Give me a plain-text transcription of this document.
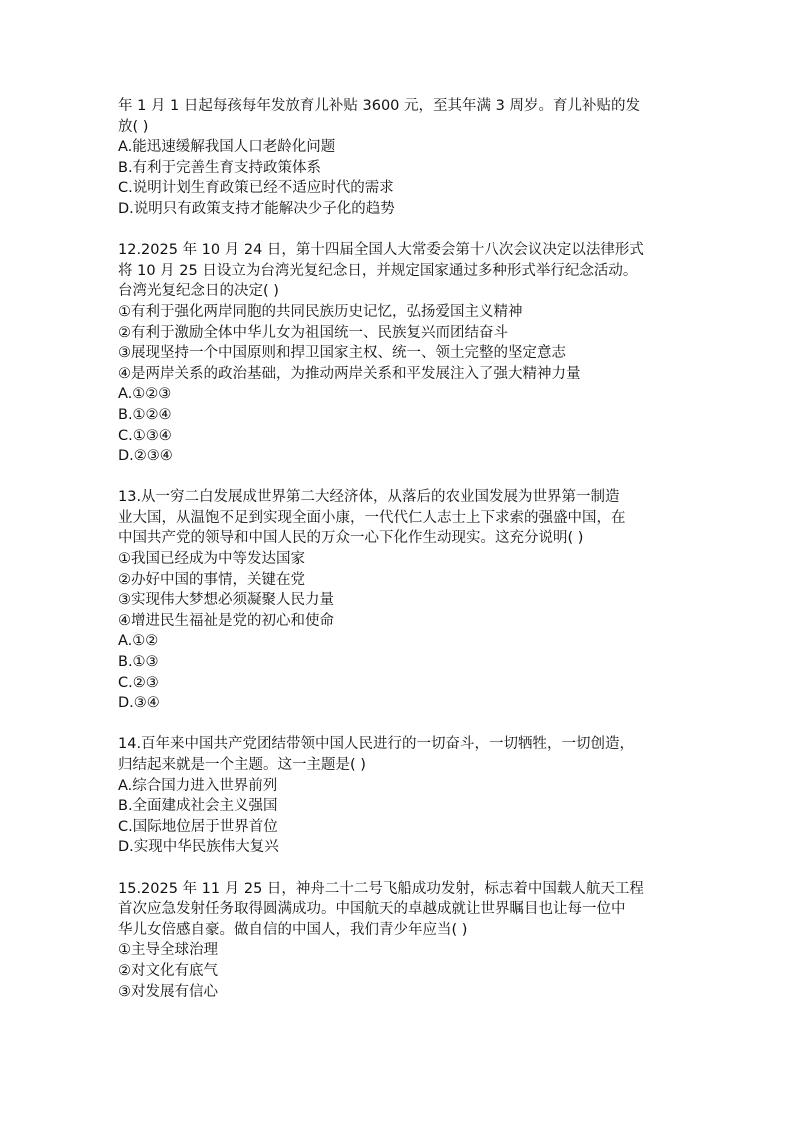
年 1 月 1 日起每孩每年发放育儿补贴 3600 元，至其年满 3 周岁。育儿补贴的发
放( )
A.能迅速缓解我国人口老龄化问题
B.有利于完善生育支持政策体系
C.说明计划生育政策已经不适应时代的需求
D.说明只有政策支持才能解决少子化的趋势
12.2025 年 10 月 24 日，第十四届全国人大常委会第十八次会议决定以法律形式
将 10 月 25 日设立为台湾光复纪念日，并规定国家通过多种形式举行纪念活动。
台湾光复纪念日的决定( )
①有利于强化两岸同胞的共同民族历史记忆，弘扬爱国主义精神
②有利于激励全体中华儿女为祖国统一、民族复兴而团结奋斗
③展现坚持一个中国原则和捍卫国家主权、统一、领土完整的坚定意志
④是两岸关系的政治基础，为推动两岸关系和平发展注入了强大精神力量
A.①②③
B.①②④
C.①③④
D.②③④
13.从一穷二白发展成世界第二大经济体，从落后的农业国发展为世界第一制造
业大国，从温饱不足到实现全面小康，一代代仁人志士上下求索的强盛中国，在
中国共产党的领导和中国人民的万众一心下化作生动现实。这充分说明( )
①我国已经成为中等发达国家
②办好中国的事情，关键在党
③实现伟大梦想必须凝聚人民力量
④增进民生福祉是党的初心和使命
A.①②
B.①③
C.②③
D.③④
14.百年来中国共产党团结带领中国人民进行的一切奋斗，一切牺牲，一切创造，
归结起来就是一个主题。这一主题是( )
A.综合国力进入世界前列
B.全面建成社会主义强国
C.国际地位居于世界首位
D.实现中华民族伟大复兴
15.2025 年 11 月 25 日，神舟二十二号飞船成功发射，标志着中国载人航天工程
首次应急发射任务取得圆满成功。中国航天的卓越成就让世界瞩目也让每一位中
华儿女倍感自豪。做自信的中国人，我们青少年应当( )
①主导全球治理
②对文化有底气
③对发展有信心
